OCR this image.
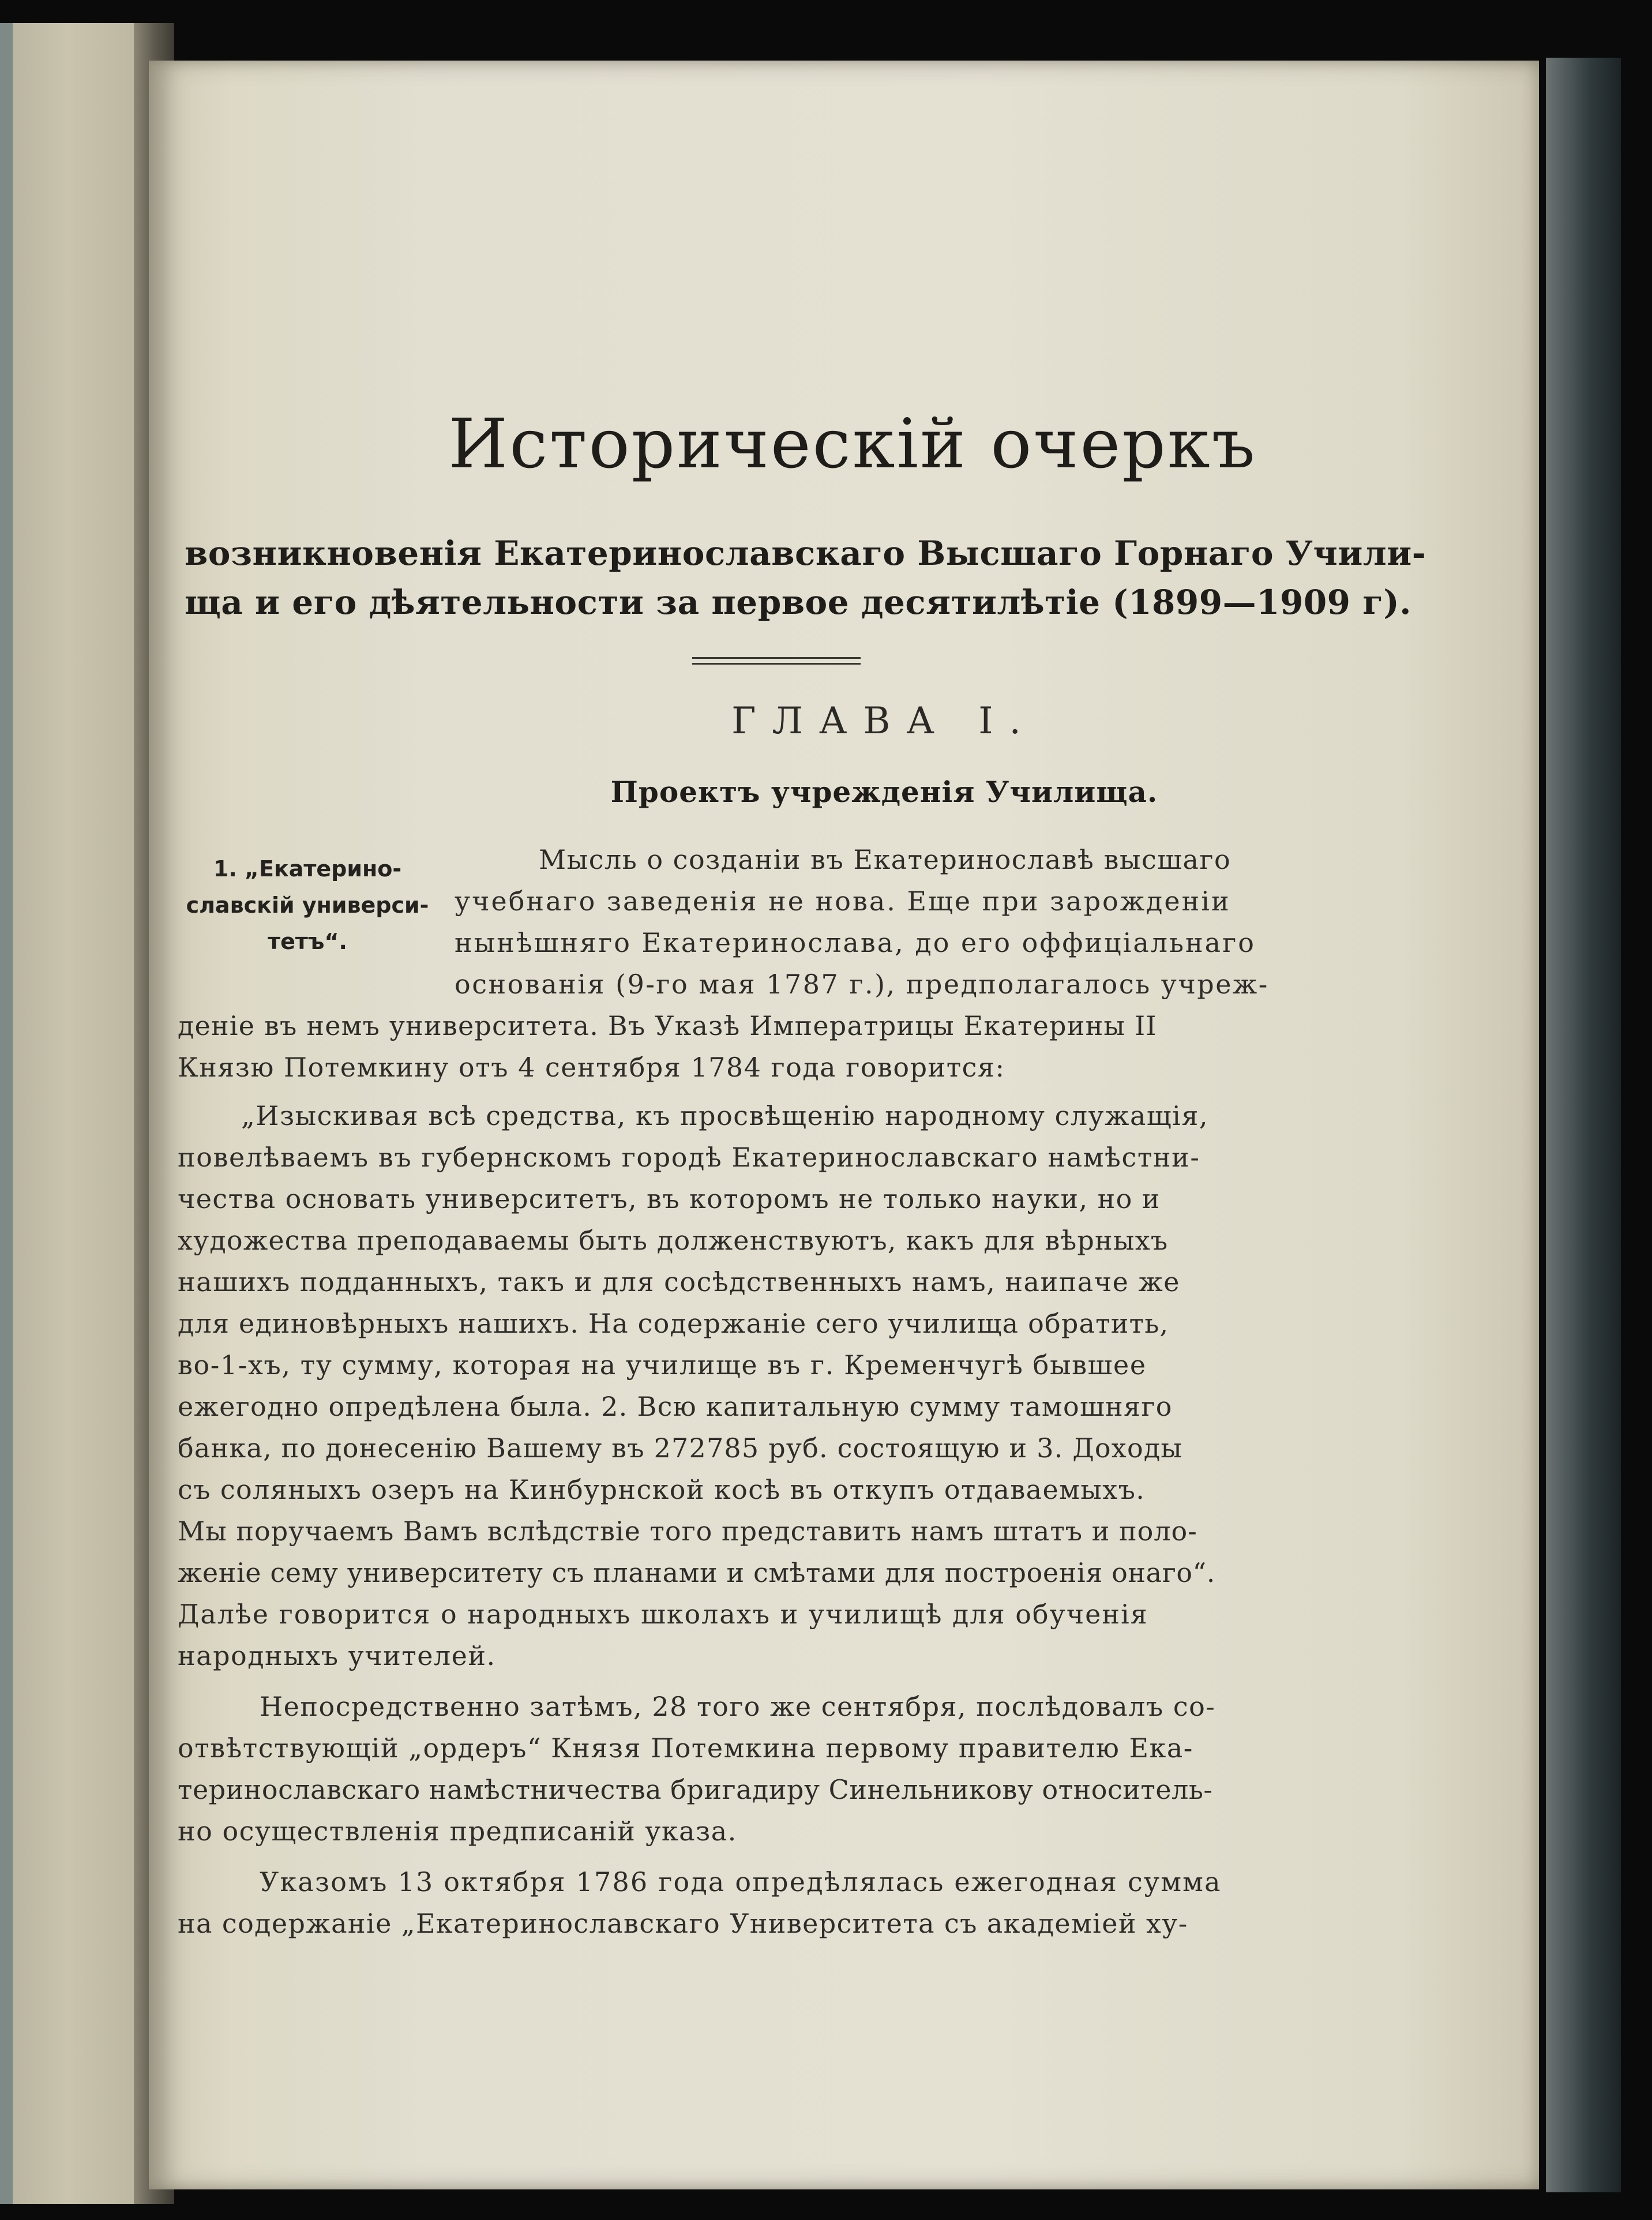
Историческій очеркъ
возникновенія Екатеринославскаго Высшаго Горнаго Учили-
ща и его дѣятельности за первое десятилѣтіе (1899—1909 г).
ГЛАВА I.
Проектъ учрежденія Училища.
1. „Екатерино-славскій универси-тетъ“.
Мысль о созданіи въ Екатеринославѣ высшаго
учебнаго заведенія не нова. Еще при зарожденіи
нынѣшняго Екатеринослава, до его оффиціальнаго
основанія (9-го мая 1787 г.), предполагалось учреж-
деніе въ немъ университета. Въ Указѣ Императрицы Екатерины II
Князю Потемкину отъ 4 сентября 1784 года говорится:
„Изыскивая всѣ средства, къ просвѣщенію народному служащія,
повелѣваемъ въ губернскомъ городѣ Екатеринославскаго намѣстни-
чества основать университетъ, въ которомъ не только науки, но и
художества преподаваемы быть долженствуютъ, какъ для вѣрныхъ
нашихъ подданныхъ, такъ и для сосѣдственныхъ намъ, наипаче же
для единовѣрныхъ нашихъ. На содержаніе сего училища обратить,
во-1-хъ, ту сумму, которая на училище въ г. Кременчугѣ бывшее
ежегодно опредѣлена была. 2. Всю капитальную сумму тамошняго
банка, по донесенію Вашему въ 272785 руб. состоящую и 3. Доходы
съ соляныхъ озеръ на Кинбурнской косѣ въ откупъ отдаваемыхъ.
Мы поручаемъ Вамъ вслѣдствіе того представить намъ штатъ и поло-
женіе сему университету съ планами и смѣтами для построенія онаго“.
Далѣе говорится о народныхъ школахъ и училищѣ для обученія
народныхъ учителей.
Непосредственно затѣмъ, 28 того же сентября, послѣдовалъ со-
отвѣтствующій „ордеръ“ Князя Потемкина первому правителю Ека-
теринославскаго намѣстничества бригадиру Синельникову относитель-
но осуществленія предписаній указа.
Указомъ 13 октября 1786 года опредѣлялась ежегодная сумма
на содержаніе „Екатеринославскаго Университета съ академіей ху-
